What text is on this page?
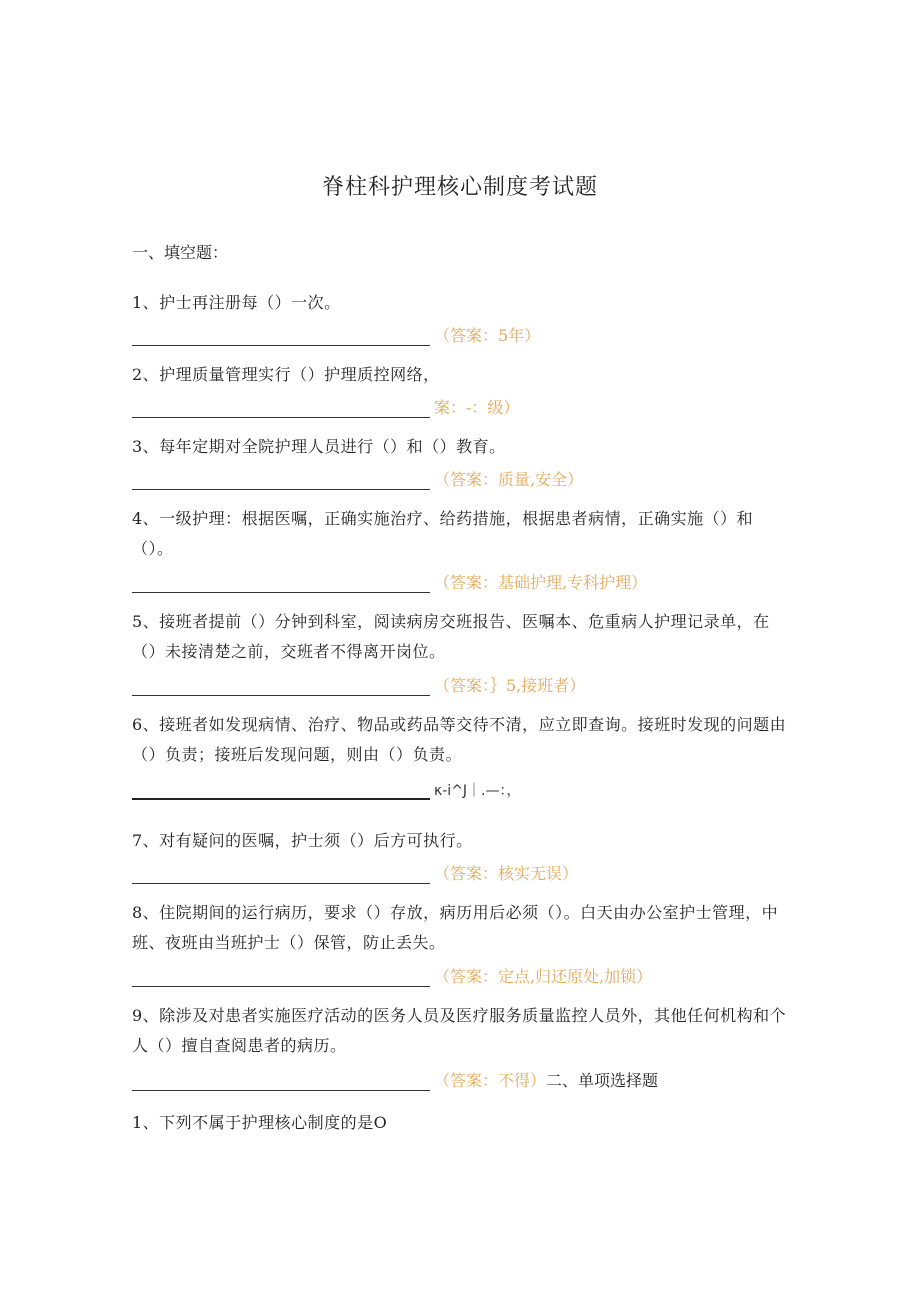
脊柱科护理核心制度考试题
一、填空题：
1、护士再注册每（）一次。
（答案：5年）
2、护理质量管理实行（）护理质控网络，
案：-：级）
3、每年定期对全院护理人员进行（）和（）教育。
（答案：质量,安全）
4、一级护理：根据医嘱，正确实施治疗、给药措施，根据患者病情，正确实施（）和（）。
（答案：基础护理,专科护理）
5、接班者提前（）分钟到科室，阅读病房交班报告、医嘱本、危重病人护理记录单，在（）未接清楚之前，交班者不得离开岗位。
（答案：｝5,接班者）
6、接班者如发现病情、治疗、物品或药品等交待不清，应立即查询。接班时发现的问题由（）负责；接班后发现问题，则由（）负责。
κ-i^J｜.—：，
7、对有疑问的医嘱，护士须（）后方可执行。
（答案：核实无误）
8、住院期间的运行病历，要求（）存放，病历用后必须（）。白天由办公室护士管理，中班、夜班由当班护士（）保管，防止丢失。
（答案：定点,归还原处,加锁）
9、除涉及对患者实施医疗活动的医务人员及医疗服务质量监控人员外，其他任何机构和个人（）擅自查阅患者的病历。
（答案：不得） 二、单项选择题
1、下列不属于护理核心制度的是O
